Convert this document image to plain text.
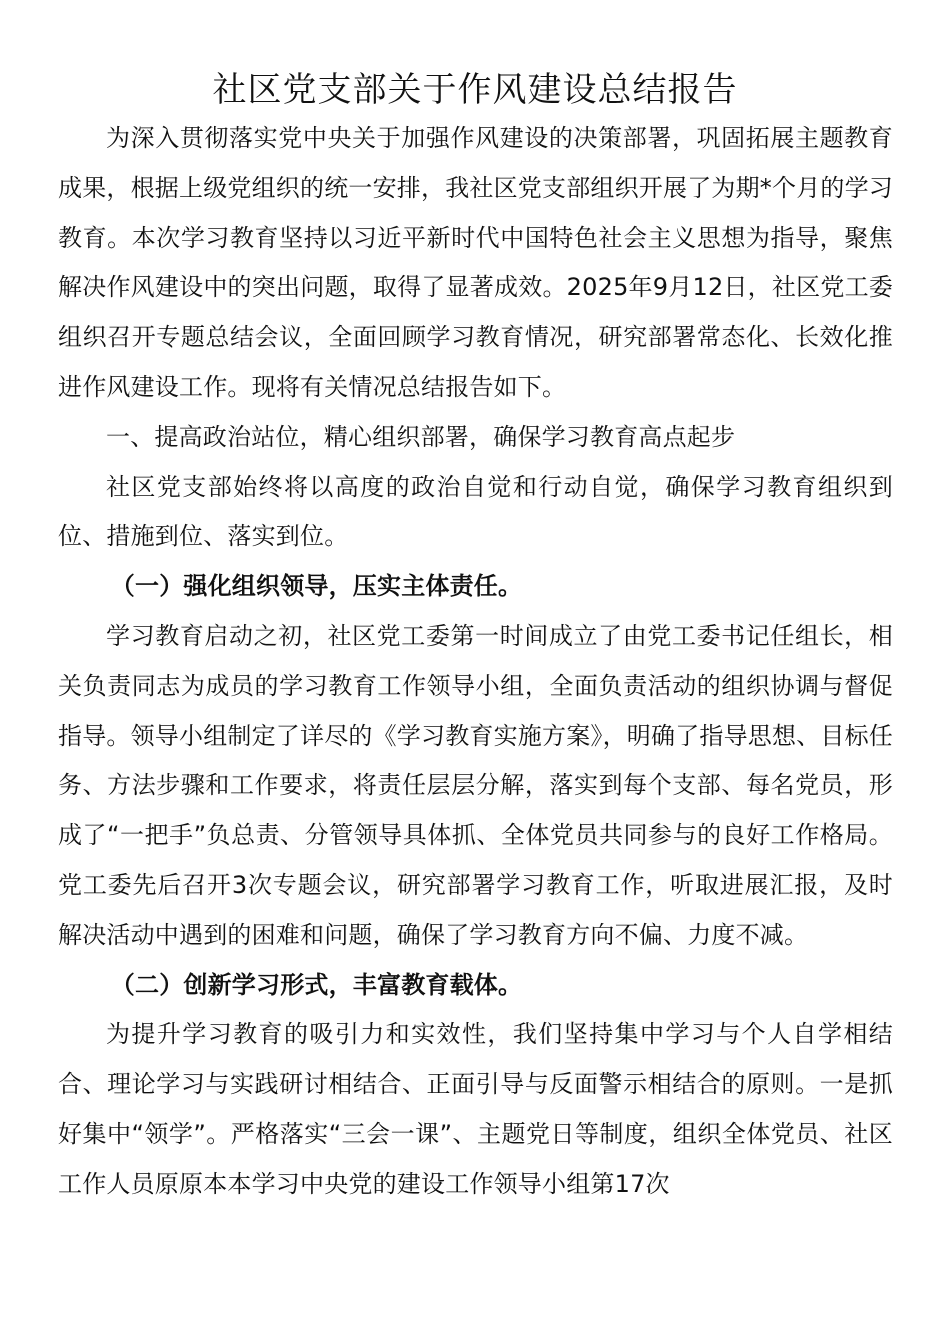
社区党支部关于作风建设总结报告

为深入贯彻落实党中央关于加强作风建设的决策部署，巩固拓展主题教育成果，根据上级党组织的统一安排，我社区党支部组织开展了为期*个月的学习教育。本次学习教育坚持以习近平新时代中国特色社会主义思想为指导，聚焦解决作风建设中的突出问题，取得了显著成效。2025年9月12日，社区党工委组织召开专题总结会议，全面回顾学习教育情况，研究部署常态化、长效化推进作风建设工作。现将有关情况总结报告如下。

一、提高政治站位，精心组织部署，确保学习教育高点起步

社区党支部始终将以高度的政治自觉和行动自觉，确保学习教育组织到位、措施到位、落实到位。

（一）强化组织领导，压实主体责任。

学习教育启动之初，社区党工委第一时间成立了由党工委书记任组长，相关负责同志为成员的学习教育工作领导小组，全面负责活动的组织协调与督促指导。领导小组制定了详尽的《学习教育实施方案》，明确了指导思想、目标任务、方法步骤和工作要求，将责任层层分解，落实到每个支部、每名党员，形成了“一把手”负总责、分管领导具体抓、全体党员共同参与的良好工作格局。党工委先后召开3次专题会议，研究部署学习教育工作，听取进展汇报，及时解决活动中遇到的困难和问题，确保了学习教育方向不偏、力度不减。

（二）创新学习形式，丰富教育载体。

为提升学习教育的吸引力和实效性，我们坚持集中学习与个人自学相结合、理论学习与实践研讨相结合、正面引导与反面警示相结合的原则。一是抓好集中“领学”。严格落实“三会一课”、主题党日等制度，组织全体党员、社区工作人员原原本本学习中央党的建设工作领导小组第17次
